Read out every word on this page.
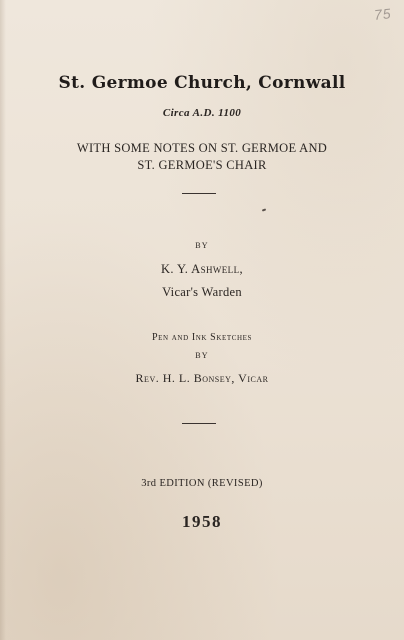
75
St. Germoe Church, Cornwall
Circa A.D. 1100
WITH SOME NOTES ON ST. GERMOE AND
ST. GERMOE'S CHAIR
BY
K. Y. Ashwell,
Vicar's Warden
Pen and Ink Sketches
BY
Rev. H. L. Bonsey, Vicar
3rd EDITION (REVISED)
1958
